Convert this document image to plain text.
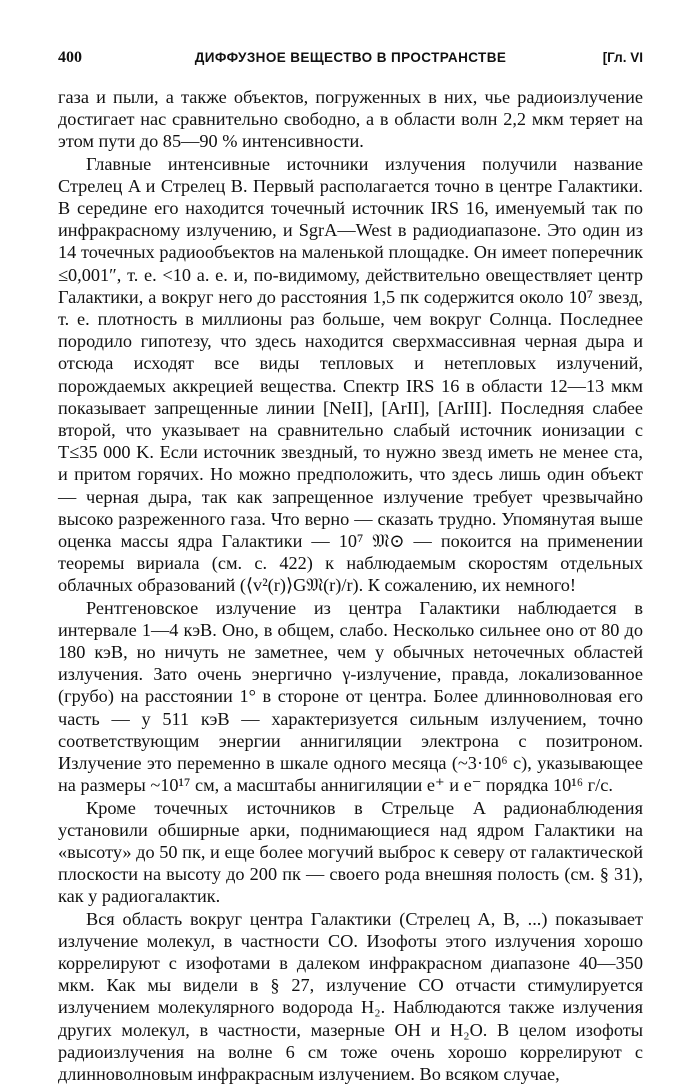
400	ДИФФУЗНОЕ ВЕЩЕСТВО В ПРОСТРАНСТВЕ	[Гл. VI

газа и пыли, а также объектов, погруженных в них, чье радиоизлучение достигает нас сравнительно свободно, а в области волн 2,2 мкм теряет на этом пути до 85—90 % интенсивности.

Главные интенсивные источники излучения получили название Стрелец A и Стрелец B. Первый располагается точно в центре Галактики. В середине его находится точечный источник IRS 16, именуемый так по инфракрасному излучению, и SgrA—West в радиодиапазоне. Это один из 14 точечных радиообъектов на маленькой площадке. Он имеет поперечник ≤0,001″, т. е. <10 а. е. и, по-видимому, действительно овеществляет центр Галактики, а вокруг него до расстояния 1,5 пк содержится около 10⁷ звезд, т. е. плотность в миллионы раз больше, чем вокруг Солнца. Последнее породило гипотезу, что здесь находится сверхмассивная черная дыра и отсюда исходят все виды тепловых и нетепловых излучений, порождаемых аккрецией вещества. Спектр IRS 16 в области 12—13 мкм показывает запрещенные линии [NeII], [ArII], [ArIII]. Последняя слабее второй, что указывает на сравнительно слабый источник ионизации с T≤35 000 K. Если источник звездный, то нужно звезд иметь не менее ста, и притом горячих. Но можно предположить, что здесь лишь один объект — черная дыра, так как запрещенное излучение требует чрезвычайно высоко разреженного газа. Что верно — сказать трудно. Упомянутая выше оценка массы ядра Галактики — 10⁷ 𝔐⊙ — покоится на применении теоремы вириала (см. с. 422) к наблюдаемым скоростям отдельных облачных образований (⟨v²(r)⟩G𝔐(r)/r). К сожалению, их немного!

Рентгеновское излучение из центра Галактики наблюдается в интервале 1—4 кэВ. Оно, в общем, слабо. Несколько сильнее оно от 80 до 180 кэВ, но ничуть не заметнее, чем у обычных неточечных областей излучения. Зато очень энергично γ-излучение, правда, локализованное (грубо) на расстоянии 1° в стороне от центра. Более длинноволновая его часть — у 511 кэВ — характеризуется сильным излучением, точно соответствующим энергии аннигиляции электрона с позитроном. Излучение это переменно в шкале одного месяца (~3·10⁶ с), указывающее на размеры ~10¹⁷ см, а масштабы аннигиляции e⁺ и e⁻ порядка 10¹⁶ г/с.

Кроме точечных источников в Стрельце A радионаблюдения установили обширные арки, поднимающиеся над ядром Галактики на «высоту» до 50 пк, и еще более могучий выброс к северу от галактической плоскости на высоту до 200 пк — своего рода внешняя полость (см. § 31), как у радиогалактик.

Вся область вокруг центра Галактики (Стрелец A, B, ...) показывает излучение молекул, в частности CO. Изофоты этого излучения хорошо коррелируют с изофотами в далеком инфракрасном диапазоне 40—350 мкм. Как мы видели в § 27, излучение CO отчасти стимулируется излучением молекулярного водорода H₂. Наблюдаются также излучения других молекул, в частности, мазерные OH и H₂O. В целом изофоты радиоизлучения на волне 6 см тоже очень хорошо коррелируют с длинноволновым инфракрасным излучением. Во всяком случае,
